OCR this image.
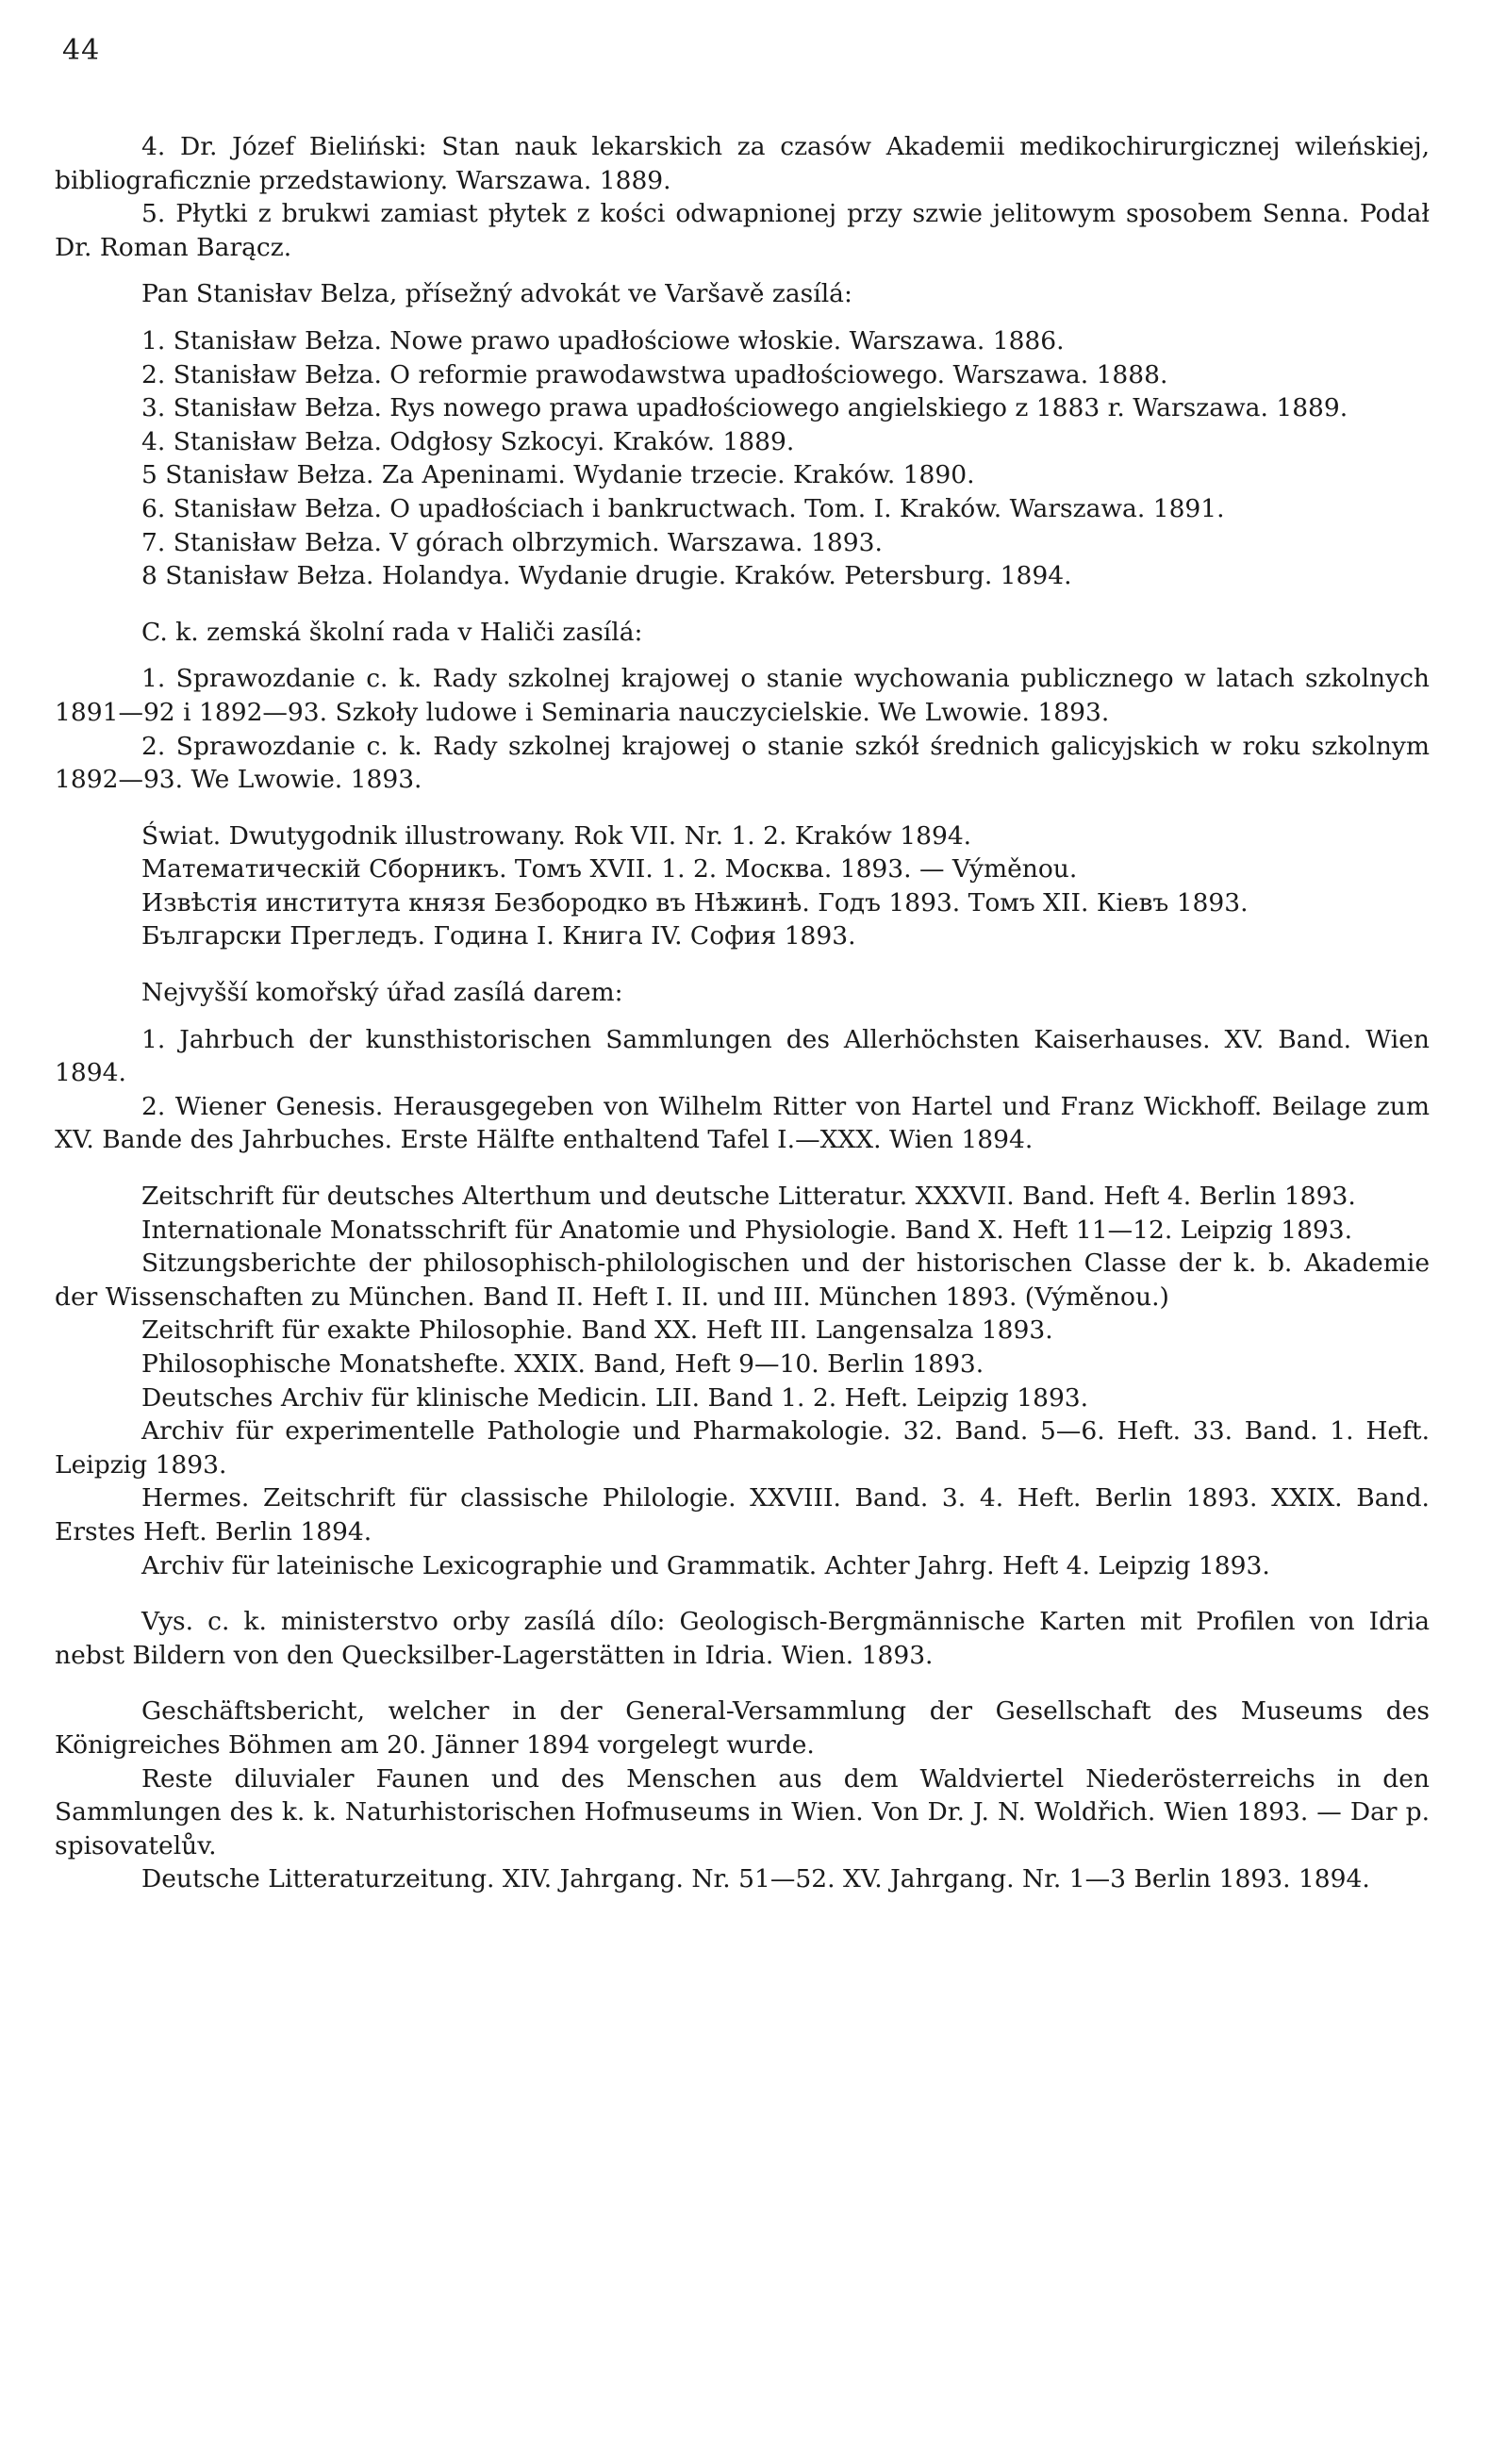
44

4. Dr. Józef Bieliński: Stan nauk lekarskich za czasów Akademii medikochirurgicznej wileńskiej, bibliograficznie przedstawiony. Warszawa. 1889.

5. Płytki z brukwi zamiast płytek z kości odwapnionej przy szwie jelitowym sposobem Senna. Podał Dr. Roman Barącz.

Pan Stanisłav Belza, přísežný advokát ve Varšavě zasílá:

1. Stanisław Bełza. Nowe prawo upadłościowe włoskie. Warszawa. 1886.

2. Stanisław Bełza. O reformie prawodawstwa upadłościowego. Warszawa. 1888.

3. Stanisław Bełza. Rys nowego prawa upadłościowego angielskiego z 1883 r. Warszawa. 1889.

4. Stanisław Bełza. Odgłosy Szkocyi. Kraków. 1889.

5 Stanisław Bełza. Za Apeninami. Wydanie trzecie. Kraków. 1890.

6. Stanisław Bełza. O upadłościach i bankructwach. Tom. I. Kraków. Warszawa. 1891.

7. Stanisław Bełza. V górach olbrzymich. Warszawa. 1893.

8 Stanisław Bełza. Holandya. Wydanie drugie. Kraków. Petersburg. 1894.

C. k. zemská školní rada v Haliči zasílá:

1. Sprawozdanie c. k. Rady szkolnej krajowej o stanie wychowania publicznego w latach szkolnych 1891—92 i 1892—93. Szkoły ludowe i Seminaria nauczycielskie. We Lwowie. 1893.

2. Sprawozdanie c. k. Rady szkolnej krajowej o stanie szkół średnich galicyjskich w roku szkolnym 1892—93. We Lwowie. 1893.

Świat. Dwutygodnik illustrowany. Rok VII. Nr. 1. 2. Kraków 1894.

Математическій Сборникъ. Томъ XVII. 1. 2. Москва. 1893. — Výměnou.

Извѣстія института князя Безбородко въ Нѣжинѣ. Годъ 1893. Томъ XII. Кіевъ 1893.

Български Прегледъ. Година I. Книга IV. София 1893.

Nejvyšší komořský úřad zasílá darem:

1. Jahrbuch der kunsthistorischen Sammlungen des Allerhöchsten Kaiserhauses. XV. Band. Wien 1894.

2. Wiener Genesis. Herausgegeben von Wilhelm Ritter von Hartel und Franz Wickhoff. Beilage zum XV. Bande des Jahrbuches. Erste Hälfte enthaltend Tafel I.—XXX. Wien 1894.

Zeitschrift für deutsches Alterthum und deutsche Litteratur. XXXVII. Band. Heft 4. Berlin 1893.

Internationale Monatsschrift für Anatomie und Physiologie. Band X. Heft 11—12. Leipzig 1893.

Sitzungsberichte der philosophisch-philologischen und der historischen Classe der k. b. Akademie der Wissenschaften zu München. Band II. Heft I. II. und III. München 1893. (Výměnou.)

Zeitschrift für exakte Philosophie. Band XX. Heft III. Langensalza 1893.

Philosophische Monatshefte. XXIX. Band, Heft 9—10. Berlin 1893.

Deutsches Archiv für klinische Medicin. LII. Band 1. 2. Heft. Leipzig 1893.

Archiv für experimentelle Pathologie und Pharmakologie. 32. Band. 5—6. Heft. 33. Band. 1. Heft. Leipzig 1893.

Hermes. Zeitschrift für classische Philologie. XXVIII. Band. 3. 4. Heft. Berlin 1893. XXIX. Band. Erstes Heft. Berlin 1894.

Archiv für lateinische Lexicographie und Grammatik. Achter Jahrg. Heft 4. Leipzig 1893.

Vys. c. k. ministerstvo orby zasílá dílo: Geologisch-Bergmännische Karten mit Profilen von Idria nebst Bildern von den Quecksilber-Lagerstätten in Idria. Wien. 1893.

Geschäftsbericht, welcher in der General-Versammlung der Gesellschaft des Museums des Königreiches Böhmen am 20. Jänner 1894 vorgelegt wurde.

Reste diluvialer Faunen und des Menschen aus dem Waldviertel Niederösterreichs in den Sammlungen des k. k. Naturhistorischen Hofmuseums in Wien. Von Dr. J. N. Woldřich. Wien 1893. — Dar p. spisovatelův.

Deutsche Litteraturzeitung. XIV. Jahrgang. Nr. 51—52. XV. Jahrgang. Nr. 1—3 Berlin 1893. 1894.
